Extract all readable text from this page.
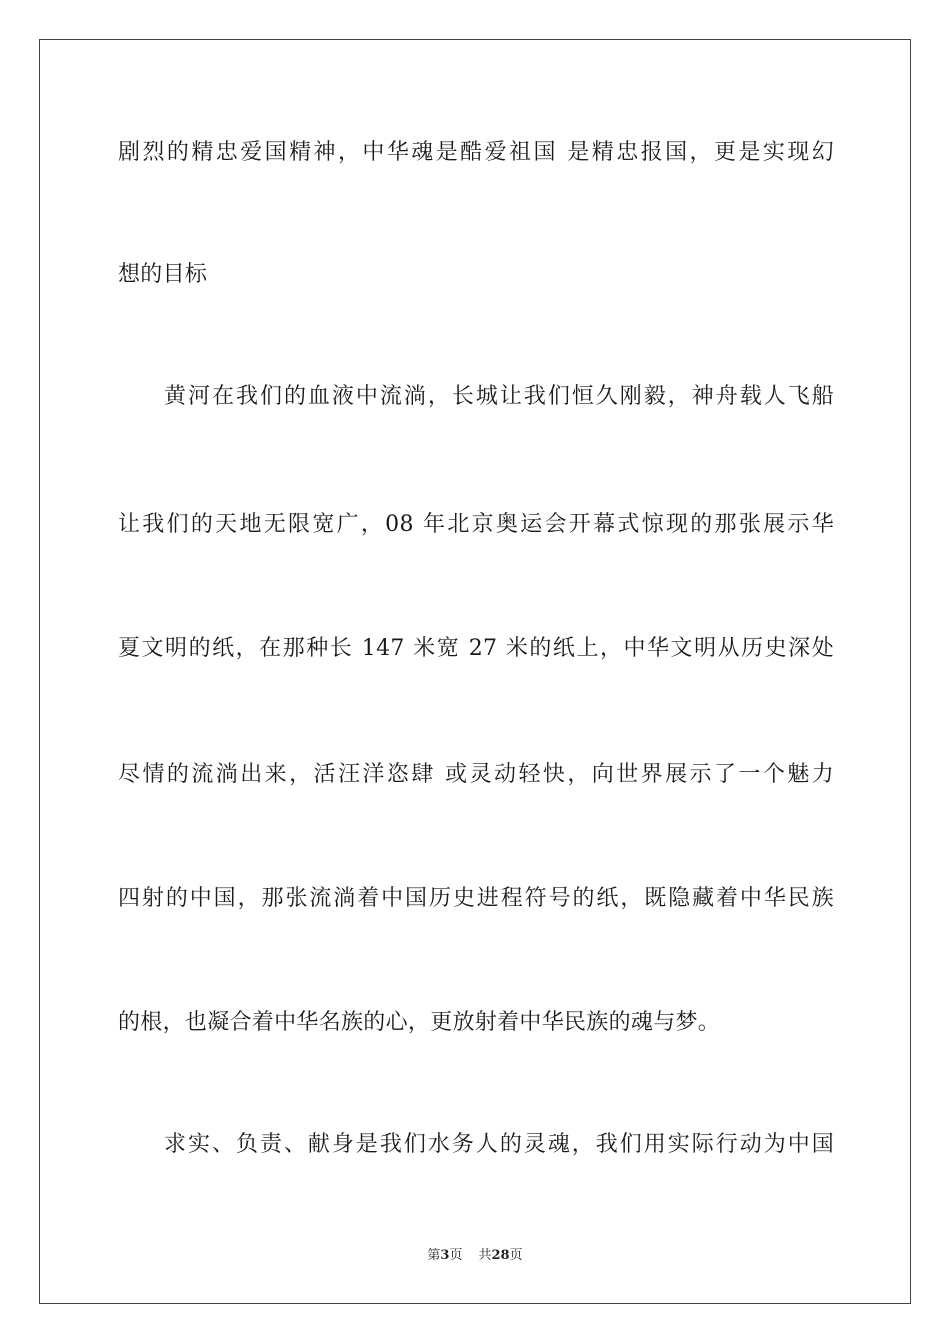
剧烈的精忠爱国精神，中华魂是酷爱祖国 是精忠报国，更是实现幻
想的目标
黄河在我们的血液中流淌，长城让我们恒久刚毅，神舟载人飞船
让我们的天地无限宽广，08 年北京奥运会开幕式惊现的那张展示华
夏文明的纸，在那种长 147 米宽 27 米的纸上，中华文明从历史深处
尽情的流淌出来，活汪洋恣肆 或灵动轻快，向世界展示了一个魅力
四射的中国，那张流淌着中国历史进程符号的纸，既隐藏着中华民族
的根，也凝合着中华名族的心，更放射着中华民族的魂与梦。
求实、负责、献身是我们水务人的灵魂，我们用实际行动为中国
第3页 共28页
